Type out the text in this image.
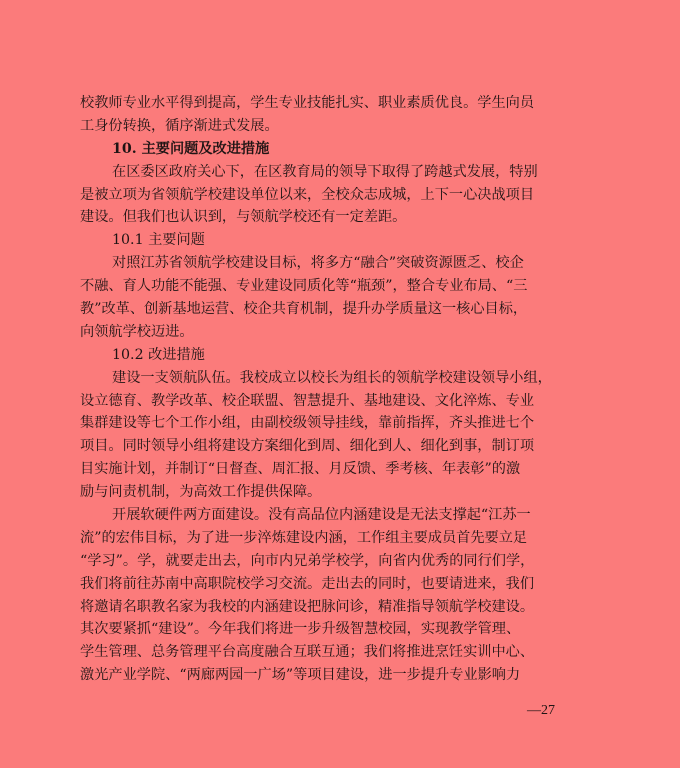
校教师专业水平得到提高，学生专业技能扎实、职业素质优良。学生向员
工身份转换，循序渐进式发展。
10. 主要问题及改进措施
在区委区政府关心下，在区教育局的领导下取得了跨越式发展，特别
是被立项为省领航学校建设单位以来，全校众志成城，上下一心决战项目
建设。但我们也认识到，与领航学校还有一定差距。
10.1 主要问题
对照江苏省领航学校建设目标，将多方“融合”突破资源匮乏、校企
不融、育人功能不能强、专业建设同质化等“瓶颈”，整合专业布局、“三
教”改革、创新基地运营、校企共育机制，提升办学质量这一核心目标，
向领航学校迈进。
10.2 改进措施
建设一支领航队伍。我校成立以校长为组长的领航学校建设领导小组，
设立德育、教学改革、校企联盟、智慧提升、基地建设、文化淬炼、专业
集群建设等七个工作小组，由副校级领导挂线，靠前指挥，齐头推进七个
项目。同时领导小组将建设方案细化到周、细化到人、细化到事，制订项
目实施计划，并制订“日督查、周汇报、月反馈、季考核、年表彰”的激
励与问责机制，为高效工作提供保障。
开展软硬件两方面建设。没有高品位内涵建设是无法支撑起“江苏一
流”的宏伟目标，为了进一步淬炼建设内涵，工作组主要成员首先要立足
“学习”。学，就要走出去，向市内兄弟学校学，向省内优秀的同行们学，
我们将前往苏南中高职院校学习交流。走出去的同时，也要请进来，我们
将邀请名职教名家为我校的内涵建设把脉问诊，精准指导领航学校建设。
其次要紧抓“建设”。今年我们将进一步升级智慧校园，实现教学管理、
学生管理、总务管理平台高度融合互联互通；我们将推进烹饪实训中心、
激光产业学院、“两廊两园一广场”等项目建设，进一步提升专业影响力
—27
